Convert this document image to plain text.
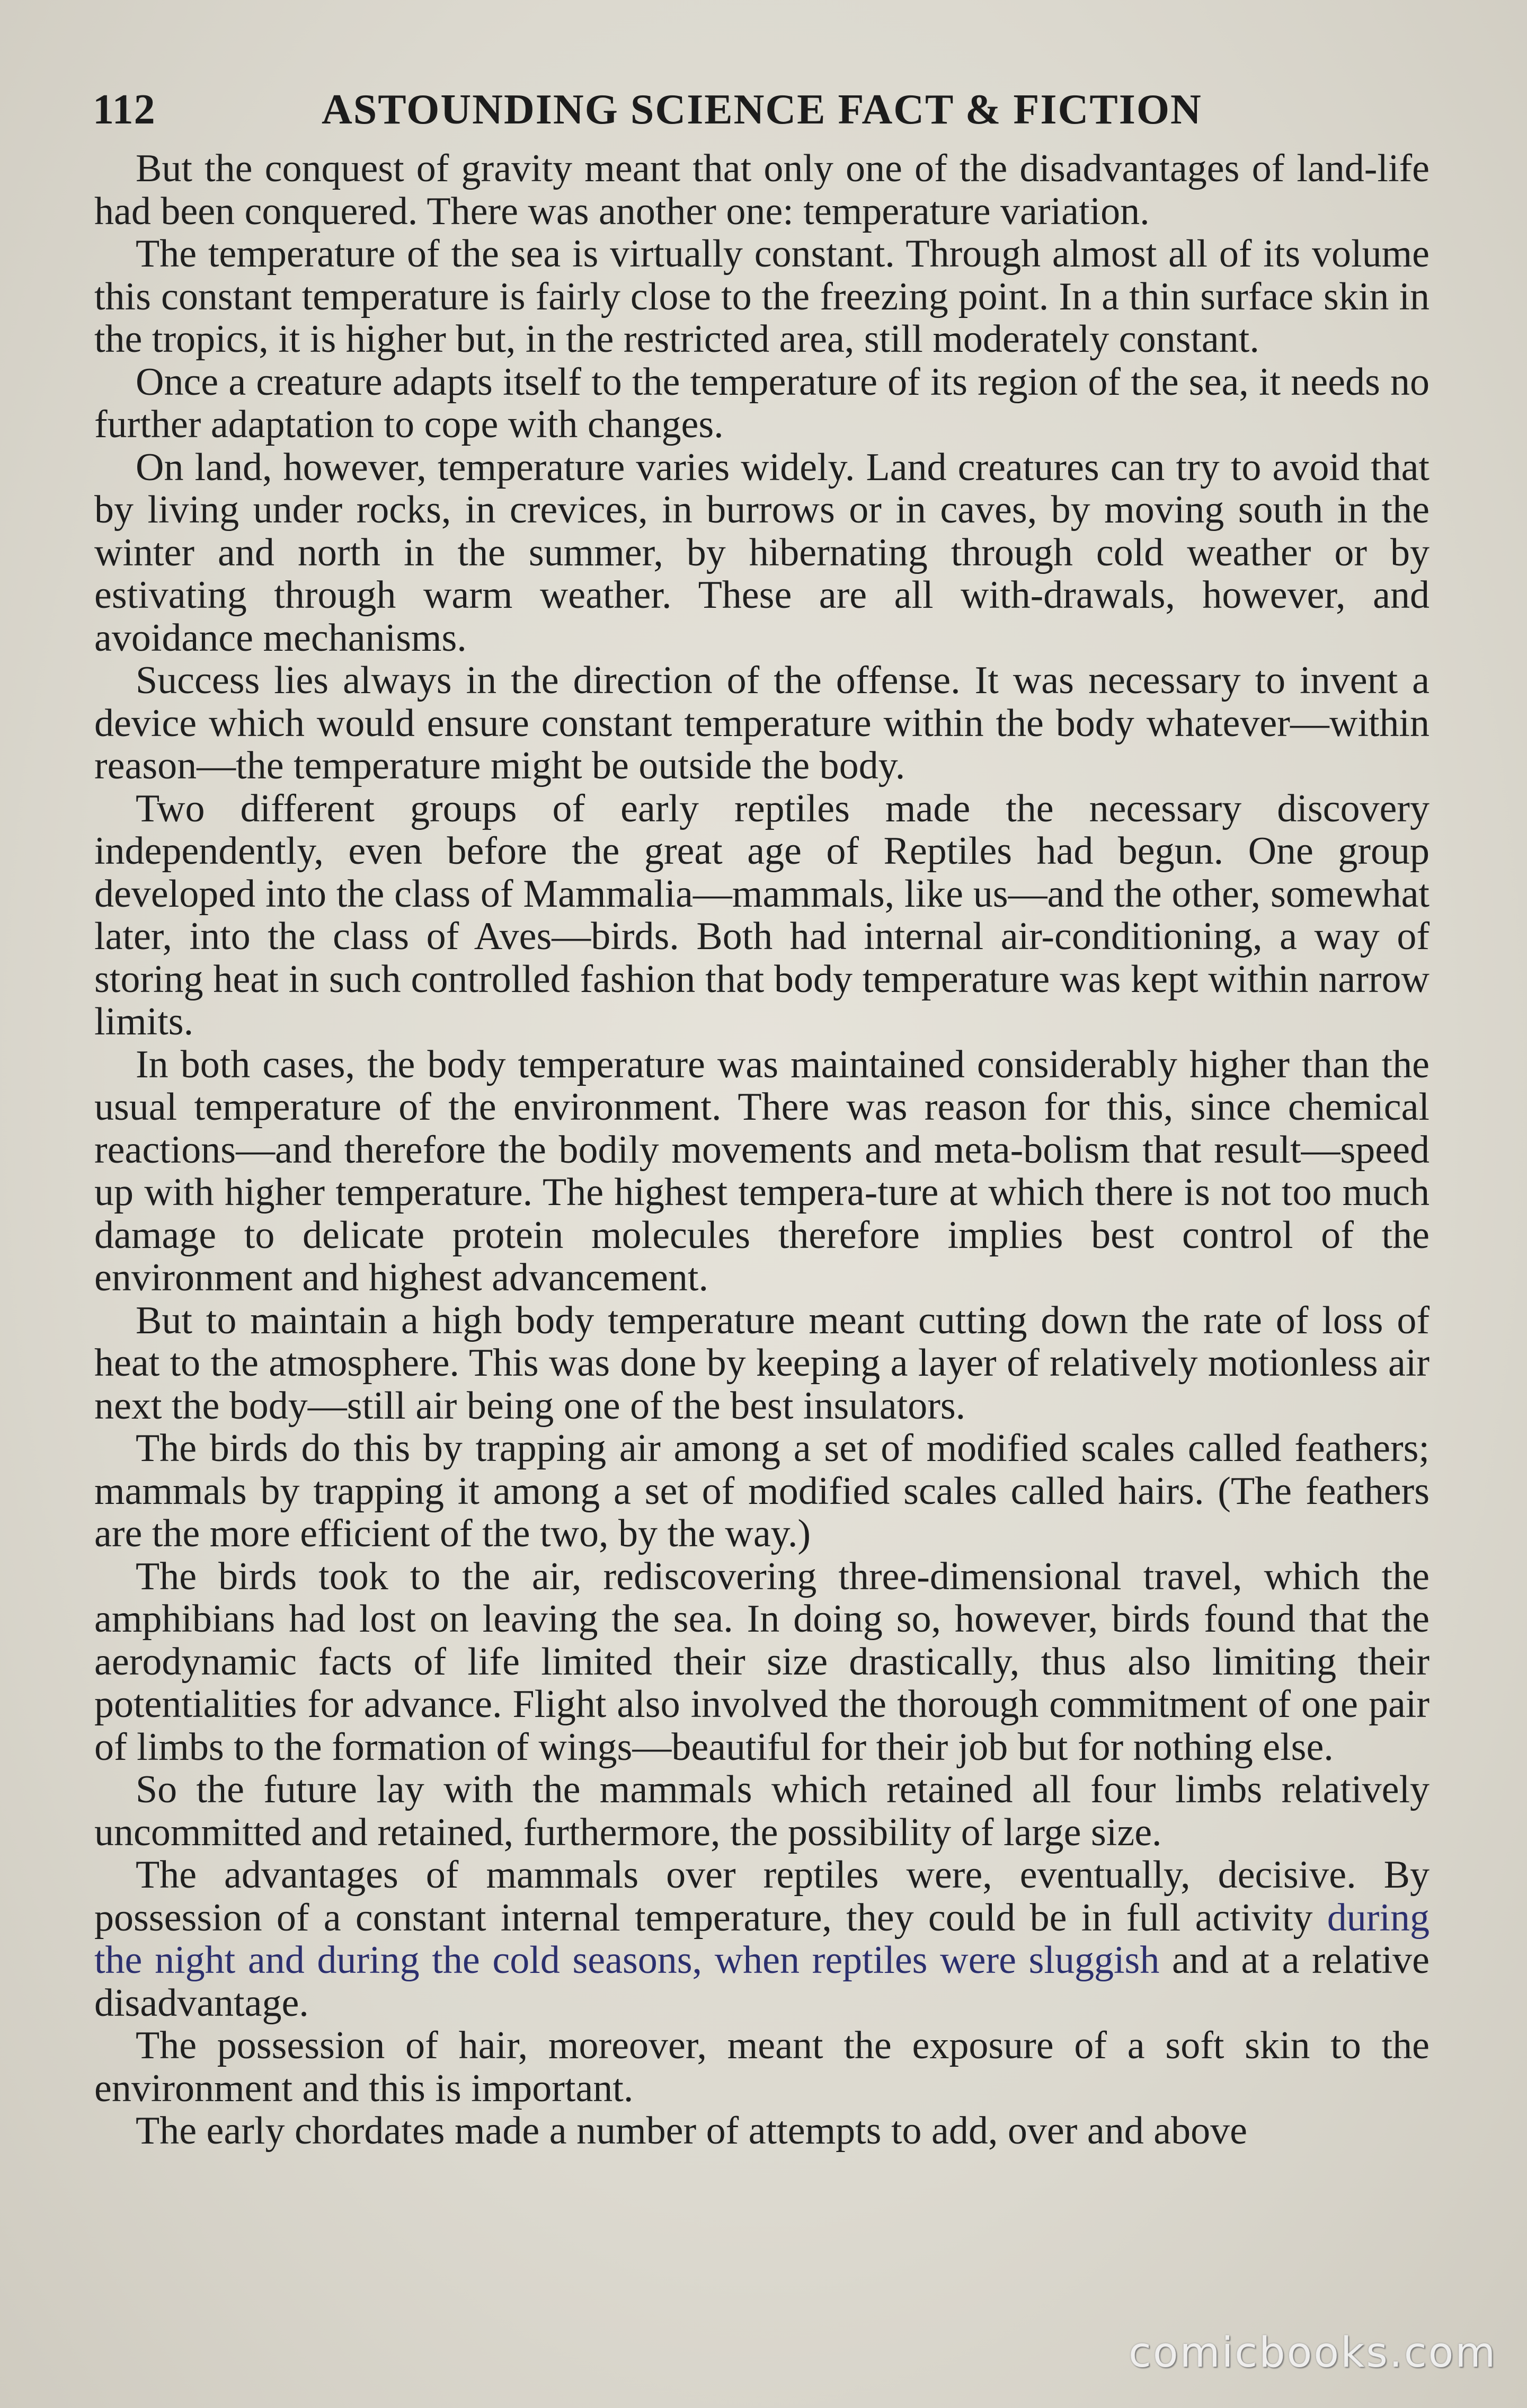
112	ASTOUNDING SCIENCE FACT & FICTION

But the conquest of gravity meant that only one of the disadvantages of land-life had been conquered. There was another one: temperature variation.

The temperature of the sea is virtually constant. Through almost all of its volume this constant temperature is fairly close to the freezing point. In a thin surface skin in the tropics, it is higher but, in the restricted area, still moderately constant.

Once a creature adapts itself to the temperature of its region of the sea, it needs no further adaptation to cope with changes.

On land, however, temperature varies widely. Land creatures can try to avoid that by living under rocks, in crevices, in burrows or in caves, by moving south in the winter and north in the summer, by hibernating through cold weather or by estivating through warm weather. These are all with-drawals, however, and avoidance mechanisms.

Success lies always in the direction of the offense. It was necessary to invent a device which would ensure constant temperature within the body whatever—within reason—the temperature might be outside the body.

Two different groups of early reptiles made the necessary discovery independently, even before the great age of Reptiles had begun. One group developed into the class of Mammalia—mammals, like us—and the other, somewhat later, into the class of Aves—birds. Both had internal air-conditioning, a way of storing heat in such controlled fashion that body temperature was kept within narrow limits.

In both cases, the body temperature was maintained considerably higher than the usual temperature of the environment. There was reason for this, since chemical reactions—and therefore the bodily movements and meta-bolism that result—speed up with higher temperature. The highest tempera-ture at which there is not too much damage to delicate protein molecules therefore implies best control of the environment and highest advancement.

But to maintain a high body temperature meant cutting down the rate of loss of heat to the atmosphere. This was done by keeping a layer of relatively motionless air next the body—still air being one of the best insulators.

The birds do this by trapping air among a set of modified scales called feathers; mammals by trapping it among a set of modified scales called hairs. (The feathers are the more efficient of the two, by the way.)

The birds took to the air, rediscovering three-dimensional travel, which the amphibians had lost on leaving the sea. In doing so, however, birds found that the aerodynamic facts of life limited their size drastically, thus also limiting their potentialities for advance. Flight also involved the thorough commitment of one pair of limbs to the formation of wings—beautiful for their job but for nothing else.

So the future lay with the mammals which retained all four limbs relatively uncommitted and retained, furthermore, the possibility of large size.

The advantages of mammals over reptiles were, eventually, decisive. By possession of a constant internal temperature, they could be in full activity during the night and during the cold seasons, when reptiles were sluggish and at a relative disadvantage.

The possession of hair, moreover, meant the exposure of a soft skin to the environment and this is important.

The early chordates made a number of attempts to add, over and above

comicbooks.com
